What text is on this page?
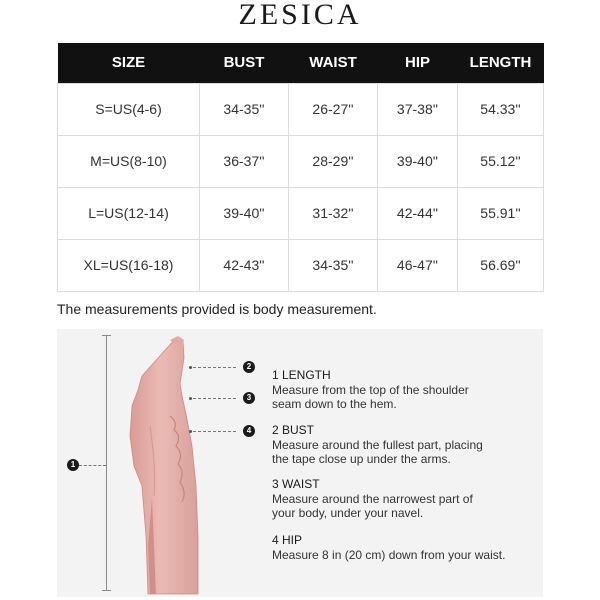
ZESICA
SIZE	BUST	WAIST	HIP	LENGTH
S=US(4-6)	34-35''	26-27''	37-38''	54.33''
M=US(8-10)	36-37''	28-29''	39-40''	55.12''
L=US(12-14)	39-40''	31-32''	42-44''	55.91''
XL=US(16-18)	42-43''	34-35''	46-47''	56.69''
The measurements provided is body measurement.
1
2
3
4
1 LENGTH
Measure from the top of the shoulder
seam down to the hem.
2 BUST
Measure around the fullest part, placing
the tape close up under the arms.
3 WAIST
Measure around the narrowest part of
your body, under your navel.
4 HIP
Measure 8 in (20 cm) down from your waist.
